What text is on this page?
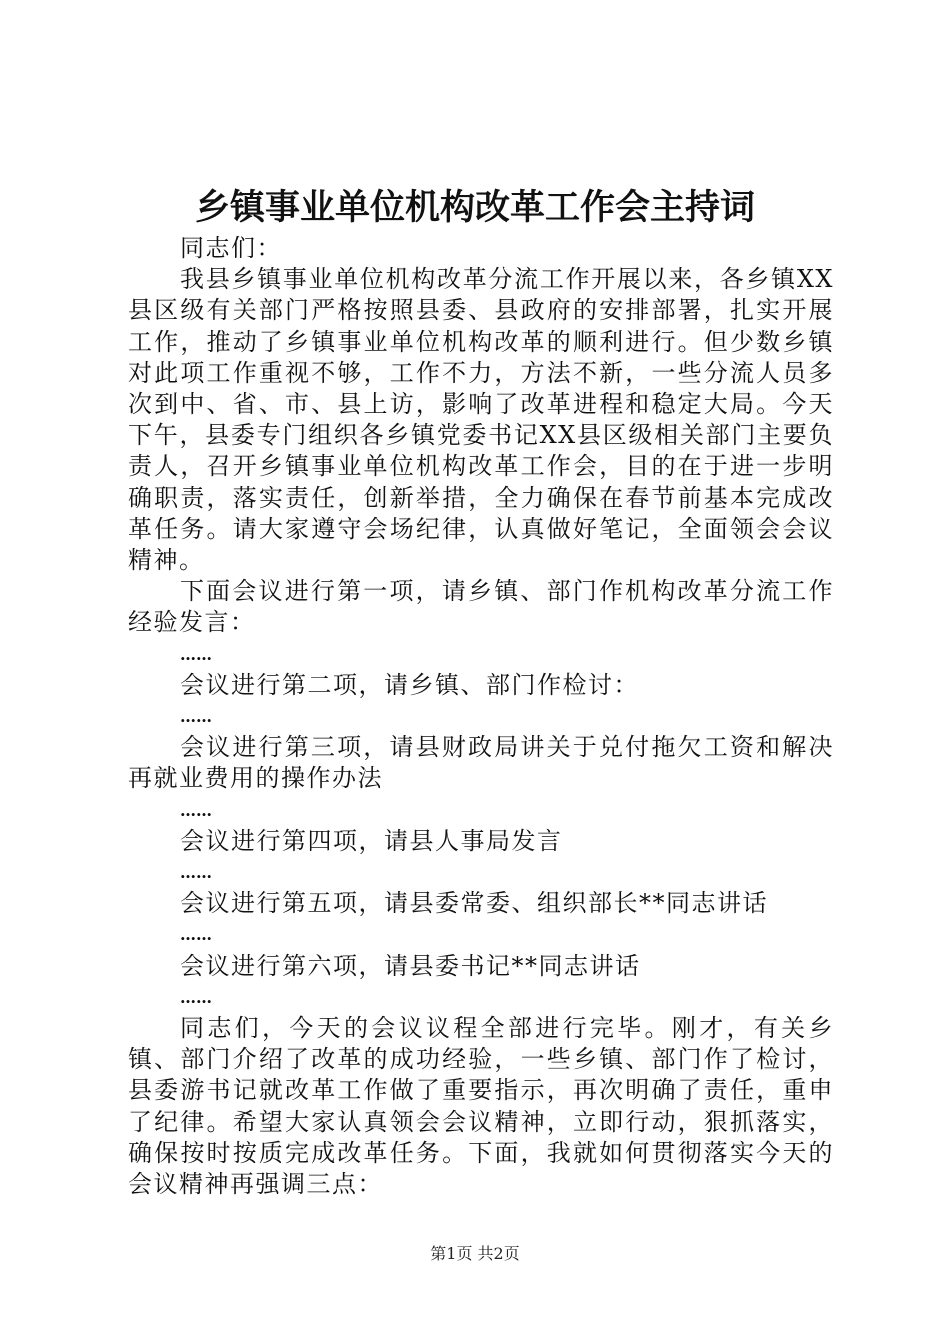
乡镇事业单位机构改革工作会主持词

同志们：

我县乡镇事业单位机构改革分流工作开展以来，各乡镇XX县区级有关部门严格按照县委、县政府的安排部署，扎实开展工作，推动了乡镇事业单位机构改革的顺利进行。但少数乡镇对此项工作重视不够，工作不力，方法不新，一些分流人员多次到中、省、市、县上访，影响了改革进程和稳定大局。今天下午，县委专门组织各乡镇党委书记XX县区级相关部门主要负责人，召开乡镇事业单位机构改革工作会，目的在于进一步明确职责，落实责任，创新举措，全力确保在春节前基本完成改革任务。请大家遵守会场纪律，认真做好笔记，全面领会会议精神。

下面会议进行第一项，请乡镇、部门作机构改革分流工作经验发言：

……

会议进行第二项，请乡镇、部门作检讨：

……

会议进行第三项，请县财政局讲关于兑付拖欠工资和解决再就业费用的操作办法

……

会议进行第四项，请县人事局发言

……

会议进行第五项，请县委常委、组织部长**同志讲话

……

会议进行第六项，请县委书记**同志讲话

……

同志们，今天的会议议程全部进行完毕。刚才，有关乡镇、部门介绍了改革的成功经验，一些乡镇、部门作了检讨，县委游书记就改革工作做了重要指示，再次明确了责任，重申了纪律。希望大家认真领会会议精神，立即行动，狠抓落实，确保按时按质完成改革任务。下面，我就如何贯彻落实今天的会议精神再强调三点：

第1页 共2页
